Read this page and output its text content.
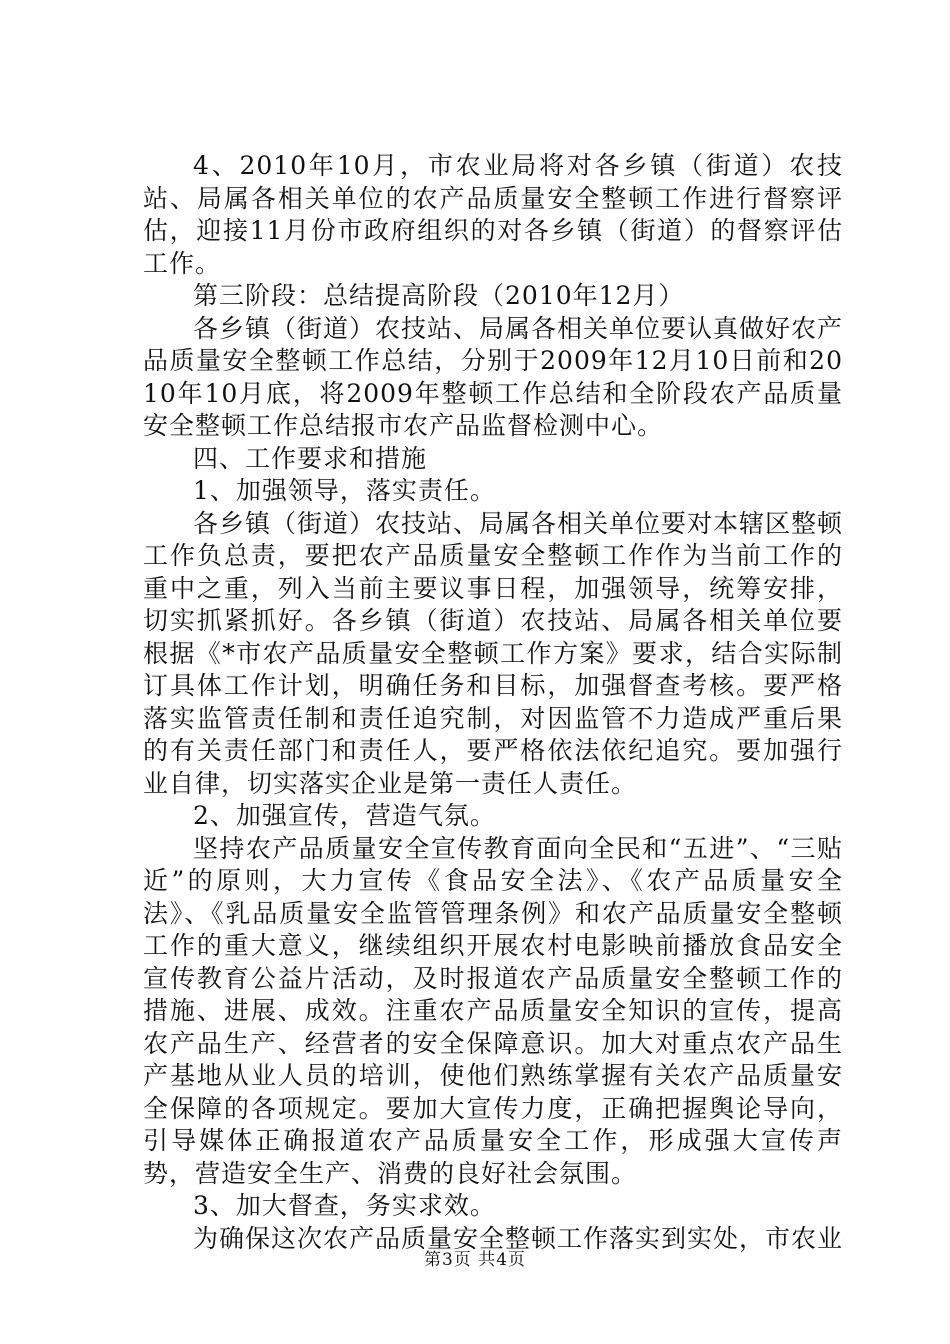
4、2010年10月，市农业局将对各乡镇（街道）农技站、局属各相关单位的农产品质量安全整顿工作进行督察评估，迎接11月份市政府组织的对各乡镇（街道）的督察评估工作。

第三阶段：总结提高阶段（2010年12月）

各乡镇（街道）农技站、局属各相关单位要认真做好农产品质量安全整顿工作总结，分别于2009年12月10日前和2010年10月底，将2009年整顿工作总结和全阶段农产品质量安全整顿工作总结报市农产品监督检测中心。

四、工作要求和措施

1、加强领导，落实责任。

各乡镇（街道）农技站、局属各相关单位要对本辖区整顿工作负总责，要把农产品质量安全整顿工作作为当前工作的重中之重，列入当前主要议事日程，加强领导，统筹安排，切实抓紧抓好。各乡镇（街道）农技站、局属各相关单位要根据《*市农产品质量安全整顿工作方案》要求，结合实际制订具体工作计划，明确任务和目标，加强督查考核。要严格落实监管责任制和责任追究制，对因监管不力造成严重后果的有关责任部门和责任人，要严格依法依纪追究。要加强行业自律，切实落实企业是第一责任人责任。

2、加强宣传，营造气氛。

坚持农产品质量安全宣传教育面向全民和“五进”、“三贴近”的原则，大力宣传《食品安全法》、《农产品质量安全法》、《乳品质量安全监管管理条例》和农产品质量安全整顿工作的重大意义，继续组织开展农村电影映前播放食品安全宣传教育公益片活动，及时报道农产品质量安全整顿工作的措施、进展、成效。注重农产品质量安全知识的宣传，提高农产品生产、经营者的安全保障意识。加大对重点农产品生产基地从业人员的培训，使他们熟练掌握有关农产品质量安全保障的各项规定。要加大宣传力度，正确把握舆论导向，引导媒体正确报道农产品质量安全工作，形成强大宣传声势，营造安全生产、消费的良好社会氛围。

3、加大督查，务实求效。

为确保这次农产品质量安全整顿工作落实到实处，市农业

第3页 共4页
